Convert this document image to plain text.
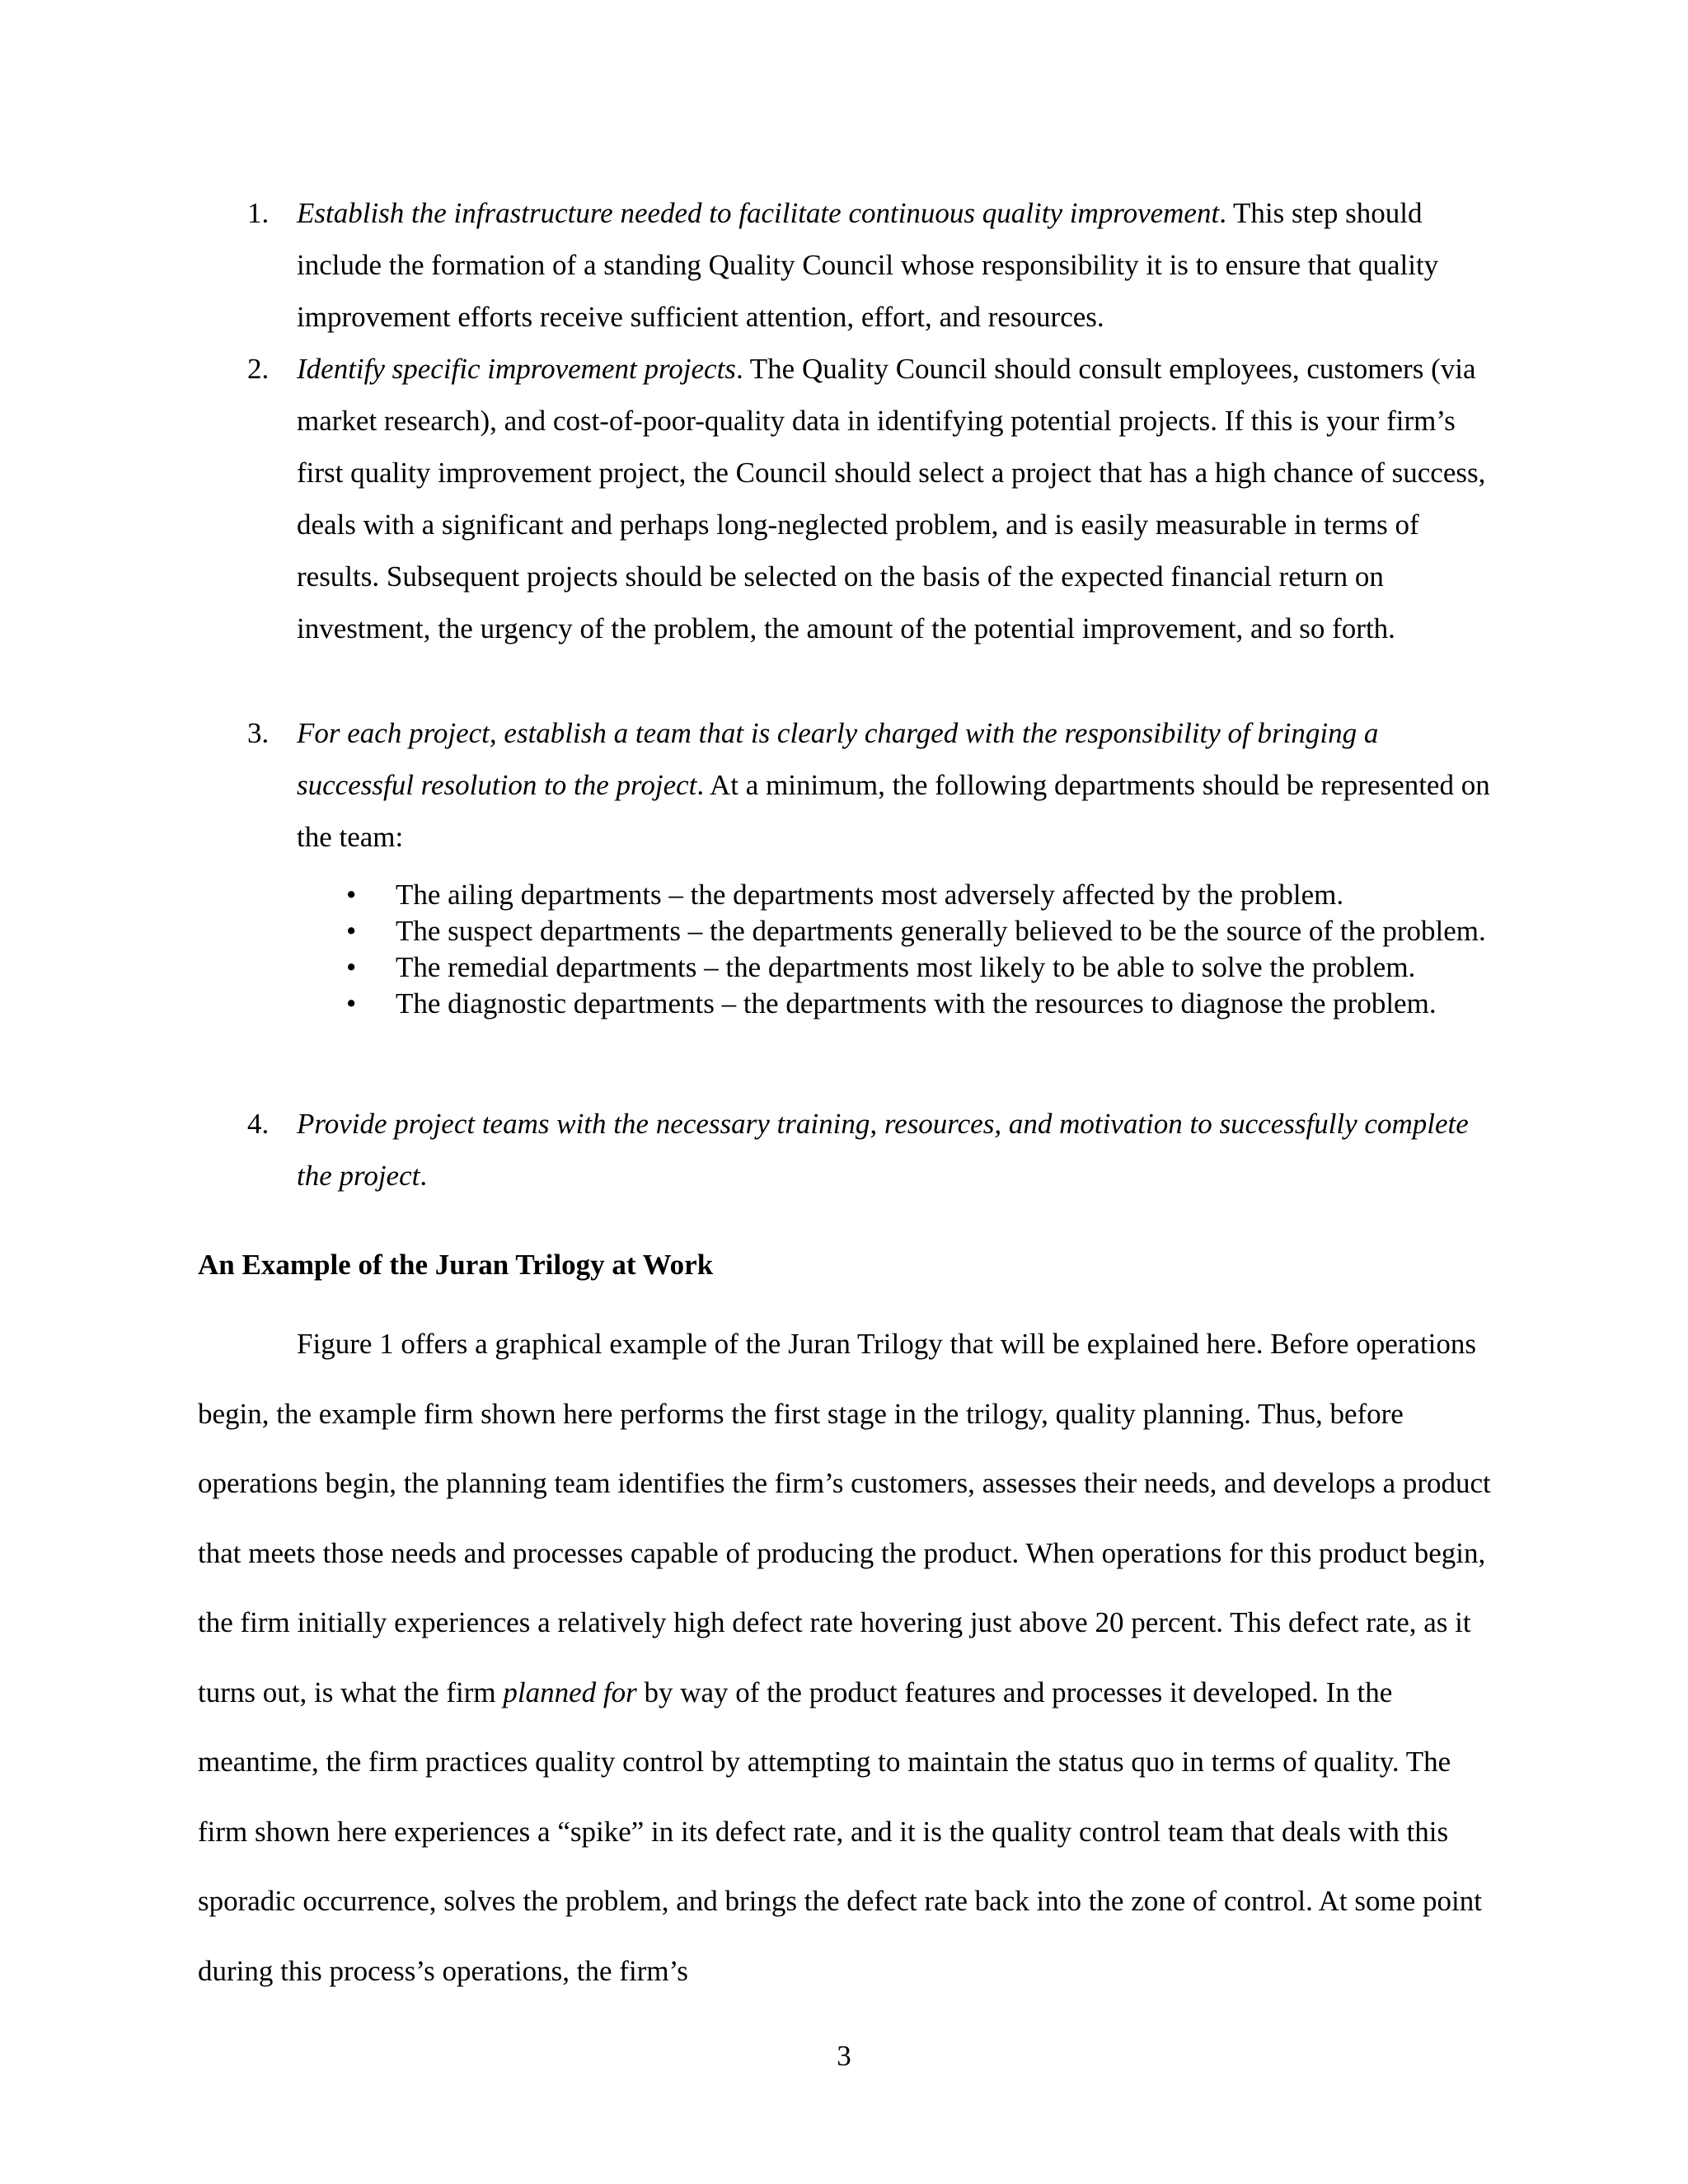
1. Establish the infrastructure needed to facilitate continuous quality improvement. This step should include the formation of a standing Quality Council whose responsibility it is to ensure that quality improvement efforts receive sufficient attention, effort, and resources.
2. Identify specific improvement projects. The Quality Council should consult employees, customers (via market research), and cost-of-poor-quality data in identifying potential projects. If this is your firm’s first quality improvement project, the Council should select a project that has a high chance of success, deals with a significant and perhaps long-neglected problem, and is easily measurable in terms of results. Subsequent projects should be selected on the basis of the expected financial return on investment, the urgency of the problem, the amount of the potential improvement, and so forth.
3. For each project, establish a team that is clearly charged with the responsibility of bringing a successful resolution to the project. At a minimum, the following departments should be represented on the team:
• The ailing departments – the departments most adversely affected by the problem.
• The suspect departments – the departments generally believed to be the source of the problem.
• The remedial departments – the departments most likely to be able to solve the problem.
• The diagnostic departments – the departments with the resources to diagnose the problem.
4. Provide project teams with the necessary training, resources, and motivation to successfully complete the project.
An Example of the Juran Trilogy at Work
Figure 1 offers a graphical example of the Juran Trilogy that will be explained here. Before operations begin, the example firm shown here performs the first stage in the trilogy, quality planning. Thus, before operations begin, the planning team identifies the firm’s customers, assesses their needs, and develops a product that meets those needs and processes capable of producing the product. When operations for this product begin, the firm initially experiences a relatively high defect rate hovering just above 20 percent. This defect rate, as it turns out, is what the firm planned for by way of the product features and processes it developed. In the meantime, the firm practices quality control by attempting to maintain the status quo in terms of quality. The firm shown here experiences a “spike” in its defect rate, and it is the quality control team that deals with this sporadic occurrence, solves the problem, and brings the defect rate back into the zone of control. At some point during this process’s operations, the firm’s
3
